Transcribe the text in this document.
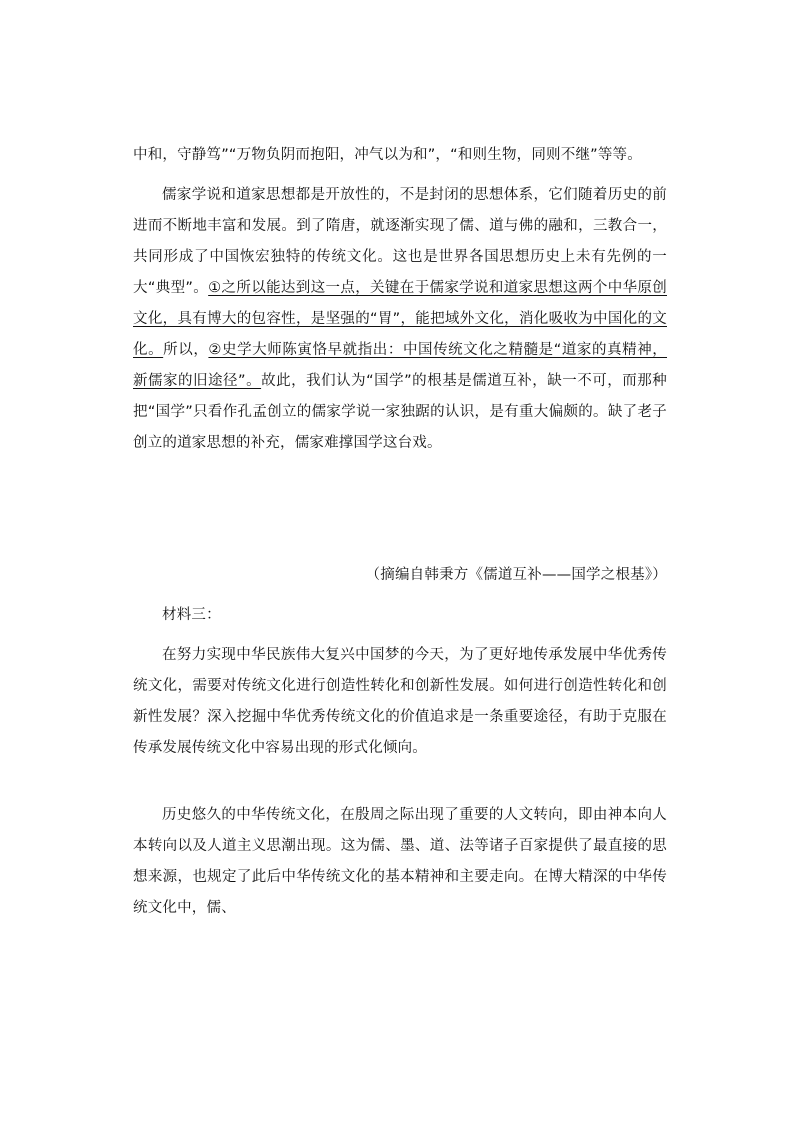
中和，守静笃”“万物负阴而抱阳，冲气以为和”，“和则生物，同则不继”等等。
儒家学说和道家思想都是开放性的，不是封闭的思想体系，它们随着历史的前进而不断地丰富和发展。到了隋唐，就逐渐实现了儒、道与佛的融和，三教合一，共同形成了中国恢宏独特的传统文化。这也是世界各国思想历史上未有先例的一大“典型”。①之所以能达到这一点，关键在于儒家学说和道家思想这两个中华原创文化，具有博大的包容性，是坚强的“胃”，能把域外文化，消化吸收为中国化的文化。所以，②史学大师陈寅恪早就指出：中国传统文化之精髓是“道家的真精神，新儒家的旧途径”。故此，我们认为“国学”的根基是儒道互补，缺一不可，而那种把“国学”只看作孔孟创立的儒家学说一家独踞的认识，是有重大偏颇的。缺了老子创立的道家思想的补充，儒家难撑国学这台戏。
（摘编自韩秉方《儒道互补——国学之根基》）
材料三：
在努力实现中华民族伟大复兴中国梦的今天，为了更好地传承发展中华优秀传统文化，需要对传统文化进行创造性转化和创新性发展。如何进行创造性转化和创新性发展？深入挖掘中华优秀传统文化的价值追求是一条重要途径，有助于克服在传承发展传统文化中容易出现的形式化倾向。
历史悠久的中华传统文化，在殷周之际出现了重要的人文转向，即由神本向人本转向以及人道主义思潮出现。这为儒、墨、道、法等诸子百家提供了最直接的思想来源，也规定了此后中华传统文化的基本精神和主要走向。在博大精深的中华传统文化中，儒、
